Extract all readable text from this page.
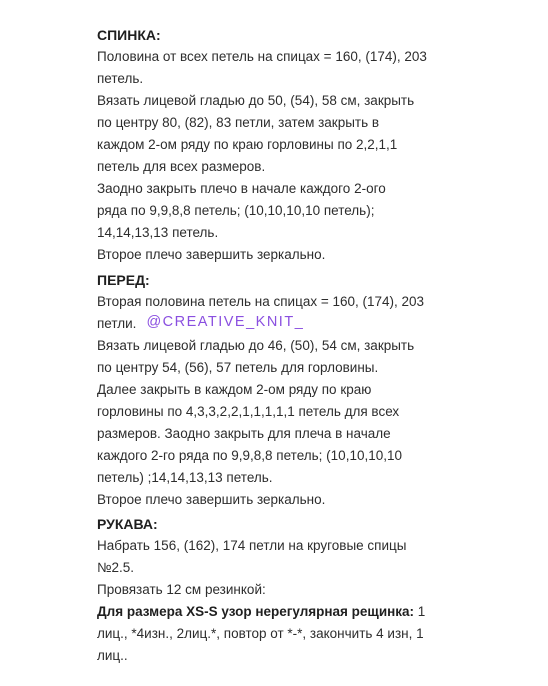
СПИНКА:

Половина от всех петель на спицах = 160, (174), 203
петель.
Вязать лицевой гладью до 50, (54), 58 см, закрыть
по центру 80, (82), 83 петли, затем закрыть в
каждом 2-ом ряду по краю горловины по 2,2,1,1
петель для всех размеров.
Заодно закрыть плечо в начале каждого 2-ого
ряда по 9,9,8,8 петель; (10,10,10,10 петель);
14,14,13,13 петель.
Второе плечо завершить зеркально.

ПЕРЕД:

Вторая половина петель на спицах = 160, (174), 203
петли. @CREATIVE_KNIT_
Вязать лицевой гладью до 46, (50), 54 см, закрыть
по центру 54, (56), 57 петель для горловины.
Далее закрыть в каждом 2-ом ряду по краю
горловины по 4,3,3,2,2,1,1,1,1,1 петель для всех
размеров. Заодно закрыть для плеча в начале
каждого 2-го ряда по 9,9,8,8 петель; (10,10,10,10
петель) ;14,14,13,13 петель.
Второе плечо завершить зеркально.

РУКАВА:

Набрать 156, (162), 174 петли на круговые спицы
№2.5.
Провязать 12 см резинкой:
Для размера XS-S узор нерегулярная рещинка: 1
лиц., *4изн., 2лиц.*, повтор от *-*, закончить 4 изн, 1
лиц..
